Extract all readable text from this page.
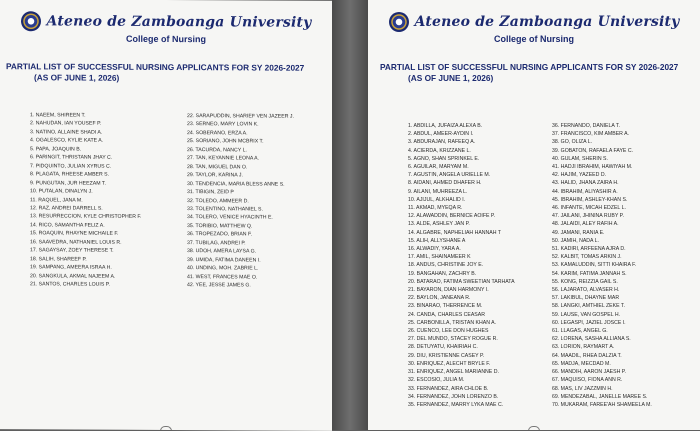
Ateneo de Zamboanga University
College of Nursing
PARTIAL LIST OF SUCCESSFUL NURSING APPLICANTS FOR SY 2026-2027
(AS OF JUNE 1, 2026)
1. NAEEM, SHIREEN T.
2. NAHUDAN, IAN YOUSEF P.
3. NATINO, ALLAINE SHADI A.
4. OGALESCO, KYLIE KATE A.
5. PAPA, JOAQUIN B.
6. PARINGIT, THRISTANN JHAY C.
7. PIDQUINTO, JULIAN XYRUS C.
8. PLAGATA, RHEESE AMBER S.
9. PUNGUTAN, JUR HEEZAM T.
10. PUTALAN, DINALYN J.
11. RAQUEL, JANA M.
12. RAZ, ANDREI DARRELL S.
13. RESURRECCION, KYLE CHRISTOPHER F.
14. RICO, SAMANTHA FELIZ A.
15. ROAQUIN, RHAYNE MICHAILE F.
16. SAAVEDRA, NATHANIEL LOUIS R.
17. SAGAYSAY, ZOEY THERESE T.
18. SALIH, SHAREEF P.
19. SAMPANG, AMEERA ISRAA H.
20. SANGKULA, AKMAL NAJEEM A.
21. SANTOS, CHARLES LOUIS P.
22. SARAPUDDIN, SHARIEF VEN JAZEER J.
23. SERNEO, MARY LOVIN K.
24. SOBERANO, ERZA A.
25. SORIANO, JOHN MCBRIX T.
26. TACURDA, NANCY L.
27. TAN, KEYANNIE LEONA A.
28. TAN, MIGUEL DAN O.
29. TAYLOR, KARINA J.
30. TENDENCIA, MARIA BLESS ANNE S.
31. TIBIGIN, ZEID P
32. TOLEDO, AMMEER D.
33. TOLENTINO, NATHANIEL S.
34. TOLERO, VENICE HYACINTH E.
35. TORIBIO, MATTHEW Q.
36. TROPEZADO, BRIAN F.
37. TUBILAG, ANDREI P.
38. UDOH, AMERA LAYSA G.
39. UMIDA, FATIMA DANEEN I.
40. UNDING, MOH. ZABRIE L.
41. WEST, FRANCES MAE O.
42. YEE, JESSE JAMES G.
Ateneo de Zamboanga University
College of Nursing
PARTIAL LIST OF SUCCESSFUL NURSING APPLICANTS FOR SY 2026-2027
(AS OF JUNE 1, 2026)
1. ABDILLA, JUFAIZA ALEXA B.
2. ABDUL, AMEER-AYDIN I.
3. ABDURAJAN, RAFEEQ A.
4. ACIERDA, KRIZZANE L.
5. AGNO, SHAN SPRINKEL E.
6. AGUILAR, MARYAM M.
7. AGUSTIN, ANGELA URIELLE M.
8. AIDANI, AHMED DHAFER H.
9. AILANI, MUHREEZA L.
10. AJIJUL, ALKHALID I.
11. AKMAD, MYEQA R.
12. ALAWADDIN, BERNICE AOIFE P.
13. ALDE, ASHLEY JAN P.
14. ALGABRE, NAPHELIAH HANNAH T
15. ALIH, ALLYSHANE A
16. ALWADIY, YARA A.
17. AMIL, SHAINAMEER K
18. ANDUS, CHRISTINE JOY E.
19. BANGAHAN, ZACHRY B.
20. BATARAO, FATIMA SWEETIAN TARHATA
21. BAYARON, DIAN HARMONY I.
22. BAYLON, JANEANA R.
23. BINARAO, THERRENCE M.
24. CANDA, CHARLES CEASAR
25. CARBONILLA, TRISTAN KHAN A.
26. CUENCO, LEE DON HUGHES
27. DEL MUNDO, STACEY ROGUE R.
28. DETUYATU, KHAIRIAH C.
29. DIU, KRISTIENNE CASEY P.
30. ENRIQUEZ, ALECHT BRYLE F.
31. ENRIQUEZ, ANGEL MARIANNE D.
32. ESCOSIO, JULIA M.
33. FERNANDEZ, AIRA CHLOE B.
34. FERNANDEZ, JOHN LORENZO B.
35. FERNANDEZ, MARRY LYKA MAE C.
36. FERNANDO, DANIELA T.
37. FRANCISCO, KIM AMBER A.
38. GO, OLIZA L.
39. GOBATON, RAFAELA FAYE C.
40. GULAM, SHERIN S.
41. HADJI IBRAHIM, HAWIYAH M.
42. HAJIM, YAZEED D.
43. HALID, JHANA ZAIRA H.
44. IBRAHIM, ALIYASHIR A.
45. IBRAHIM, ASHLEY-KHAN S.
46. INFANTE, MICAH EDZEL L.
47. JAILANI, JHININA RUBY P.
48. JALAIDI, ALEY RAFIH A.
49. JAMANI, RANIA E.
50. JAMIH, NADA L.
51. KADIRI, ARFEENA AJRA D.
52. KALBIT, TOMAS ARKIN J.
53. KAMALUDDIN, SITTI KHAIRA F.
54. KARIM, FATIMA JANNAH S.
55. KONG, REIZZIA GAIL S.
56. LAJARATO, ALVASER H.
57. LAKIBUL, DHAYNE MAR
58. LANGKI, AMTHIEL ZEKE T.
59. LAUSE, VAN GOSPEL H.
60. LEGASPI, JAZIEL JOSCE I.
61. LLAGAS, ANGEL G.
62. LORENA, SASHA ALLIANA S.
63. LORION, RAYMART A.
64. MAADIL, RHEA DALZIA T.
65. MADJA, MECDAD M.
66. MANDIH, AARON JAESH P.
67. MAQUISO, FIONA ANN R.
68. MAS, LIV JAZZMIN H.
69. MENDEZABAL, JANELLE MAREE S.
70. MUKARAM, FAREE'AH SHAMEELA M.
